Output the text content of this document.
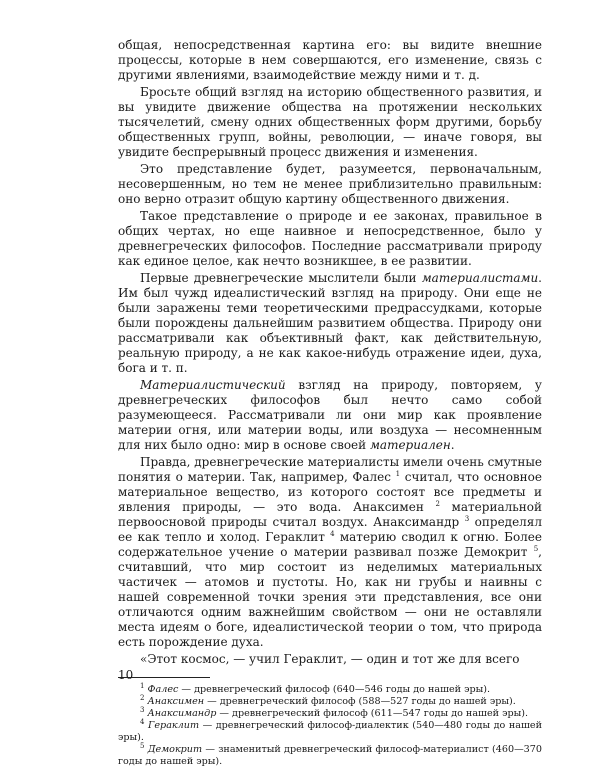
общая, непосредственная картина его: вы видите внешние процессы, которые в нем совершаются, его изменение, связь с другими явлениями, взаимодействие между ними и т. д.

Бросьте общий взгляд на историю общественного развития, и вы увидите движение общества на протяжении нескольких тысячелетий, смену одних общественных форм другими, борьбу общественных групп, войны, революции, — иначе говоря, вы увидите беспрерывный процесс движения и изменения.

Это представление будет, разумеется, первоначальным, несовершенным, но тем не менее приблизительно правильным: оно верно отразит общую картину общественного движения.

Такое представление о природе и ее законах, правильное в общих чертах, но еще наивное и непосредственное, было у древнегреческих философов. Последние рассматривали природу как единое целое, как нечто возникшее, в ее развитии.

Первые древнегреческие мыслители были материалистами. Им был чужд идеалистический взгляд на природу. Они еще не были заражены теми теоретическими предрассудками, которые были порождены дальнейшим развитием общества. Природу они рассматривали как объективный факт, как действительную, реальную природу, а не как какое-нибудь отражение идеи, духа, бога и т. п.

Материалистический взгляд на природу, повторяем, у древнегреческих философов был нечто само собой разумеющееся. Рассматривали ли они мир как проявление материи огня, или материи воды, или воздуха — несомненным для них было одно: мир в основе своей материален.

Правда, древнегреческие материалисты имели очень смутные понятия о материи. Так, например, Фалес $^1$ считал, что основное материальное вещество, из которого состоят все предметы и явления природы, — это вода. Анаксимен $^2$ материальной первоосновой природы считал воздух. Анаксимандр $^3$ определял ее как тепло и холод. Гераклит $^4$ материю сводил к огню. Более содержательное учение о материи развивал позже Демокрит $^5$, считавший, что мир состоит из неделимых материальных частичек — атомов и пустоты. Но, как ни грубы и наивны с нашей современной точки зрения эти представления, все они отличаются одним важнейшим свойством — они не оставляли места идеям о боге, идеалистической теории о том, что природа есть порождение духа.

«Этот космос, — учил Гераклит, — один и тот же для всего

$^1$ Фалес — древнегреческий философ (640—546 годы до нашей эры).

$^2$ Анаксимен — древнегреческий философ (588—527 годы до нашей эры).

$^3$ Анаксимандр — древнегреческий философ (611—547 годы до нашей эры).

$^4$ Гераклит — древнегреческий философ-диалектик (540—480 годы до нашей эры).

$^5$ Демокрит — знаменитый древнегреческий философ-материалист (460—370 годы до нашей эры).

10
